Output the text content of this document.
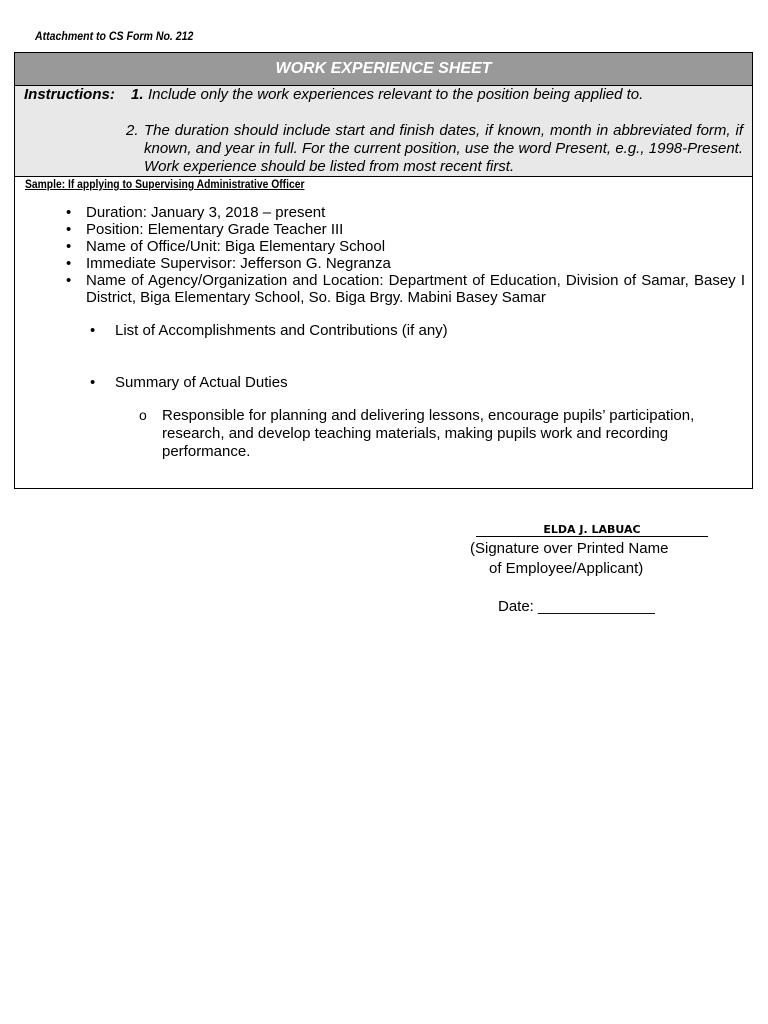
Attachment to CS Form No. 212
WORK EXPERIENCE SHEET
Instructions: 1. Include only the work experiences relevant to the position being applied to.
2. The duration should include start and finish dates, if known, month in abbreviated form, if known, and year in full. For the current position, use the word Present, e.g., 1998-Present. Work experience should be listed from most recent first.
Sample: If applying to Supervising Administrative Officer
• Duration: January 3, 2018 – present
• Position: Elementary Grade Teacher III
• Name of Office/Unit: Biga Elementary School
• Immediate Supervisor: Jefferson G. Negranza
• Name of Agency/Organization and Location: Department of Education, Division of Samar, Basey I District, Biga Elementary School, So. Biga Brgy. Mabini Basey Samar
• List of Accomplishments and Contributions (if any)
• Summary of Actual Duties
o Responsible for planning and delivering lessons, encourage pupils’ participation, research, and develop teaching materials, making pupils work and recording performance.
ELDA J. LABUAC
(Signature over Printed Name
of Employee/Applicant)
Date: ______________
